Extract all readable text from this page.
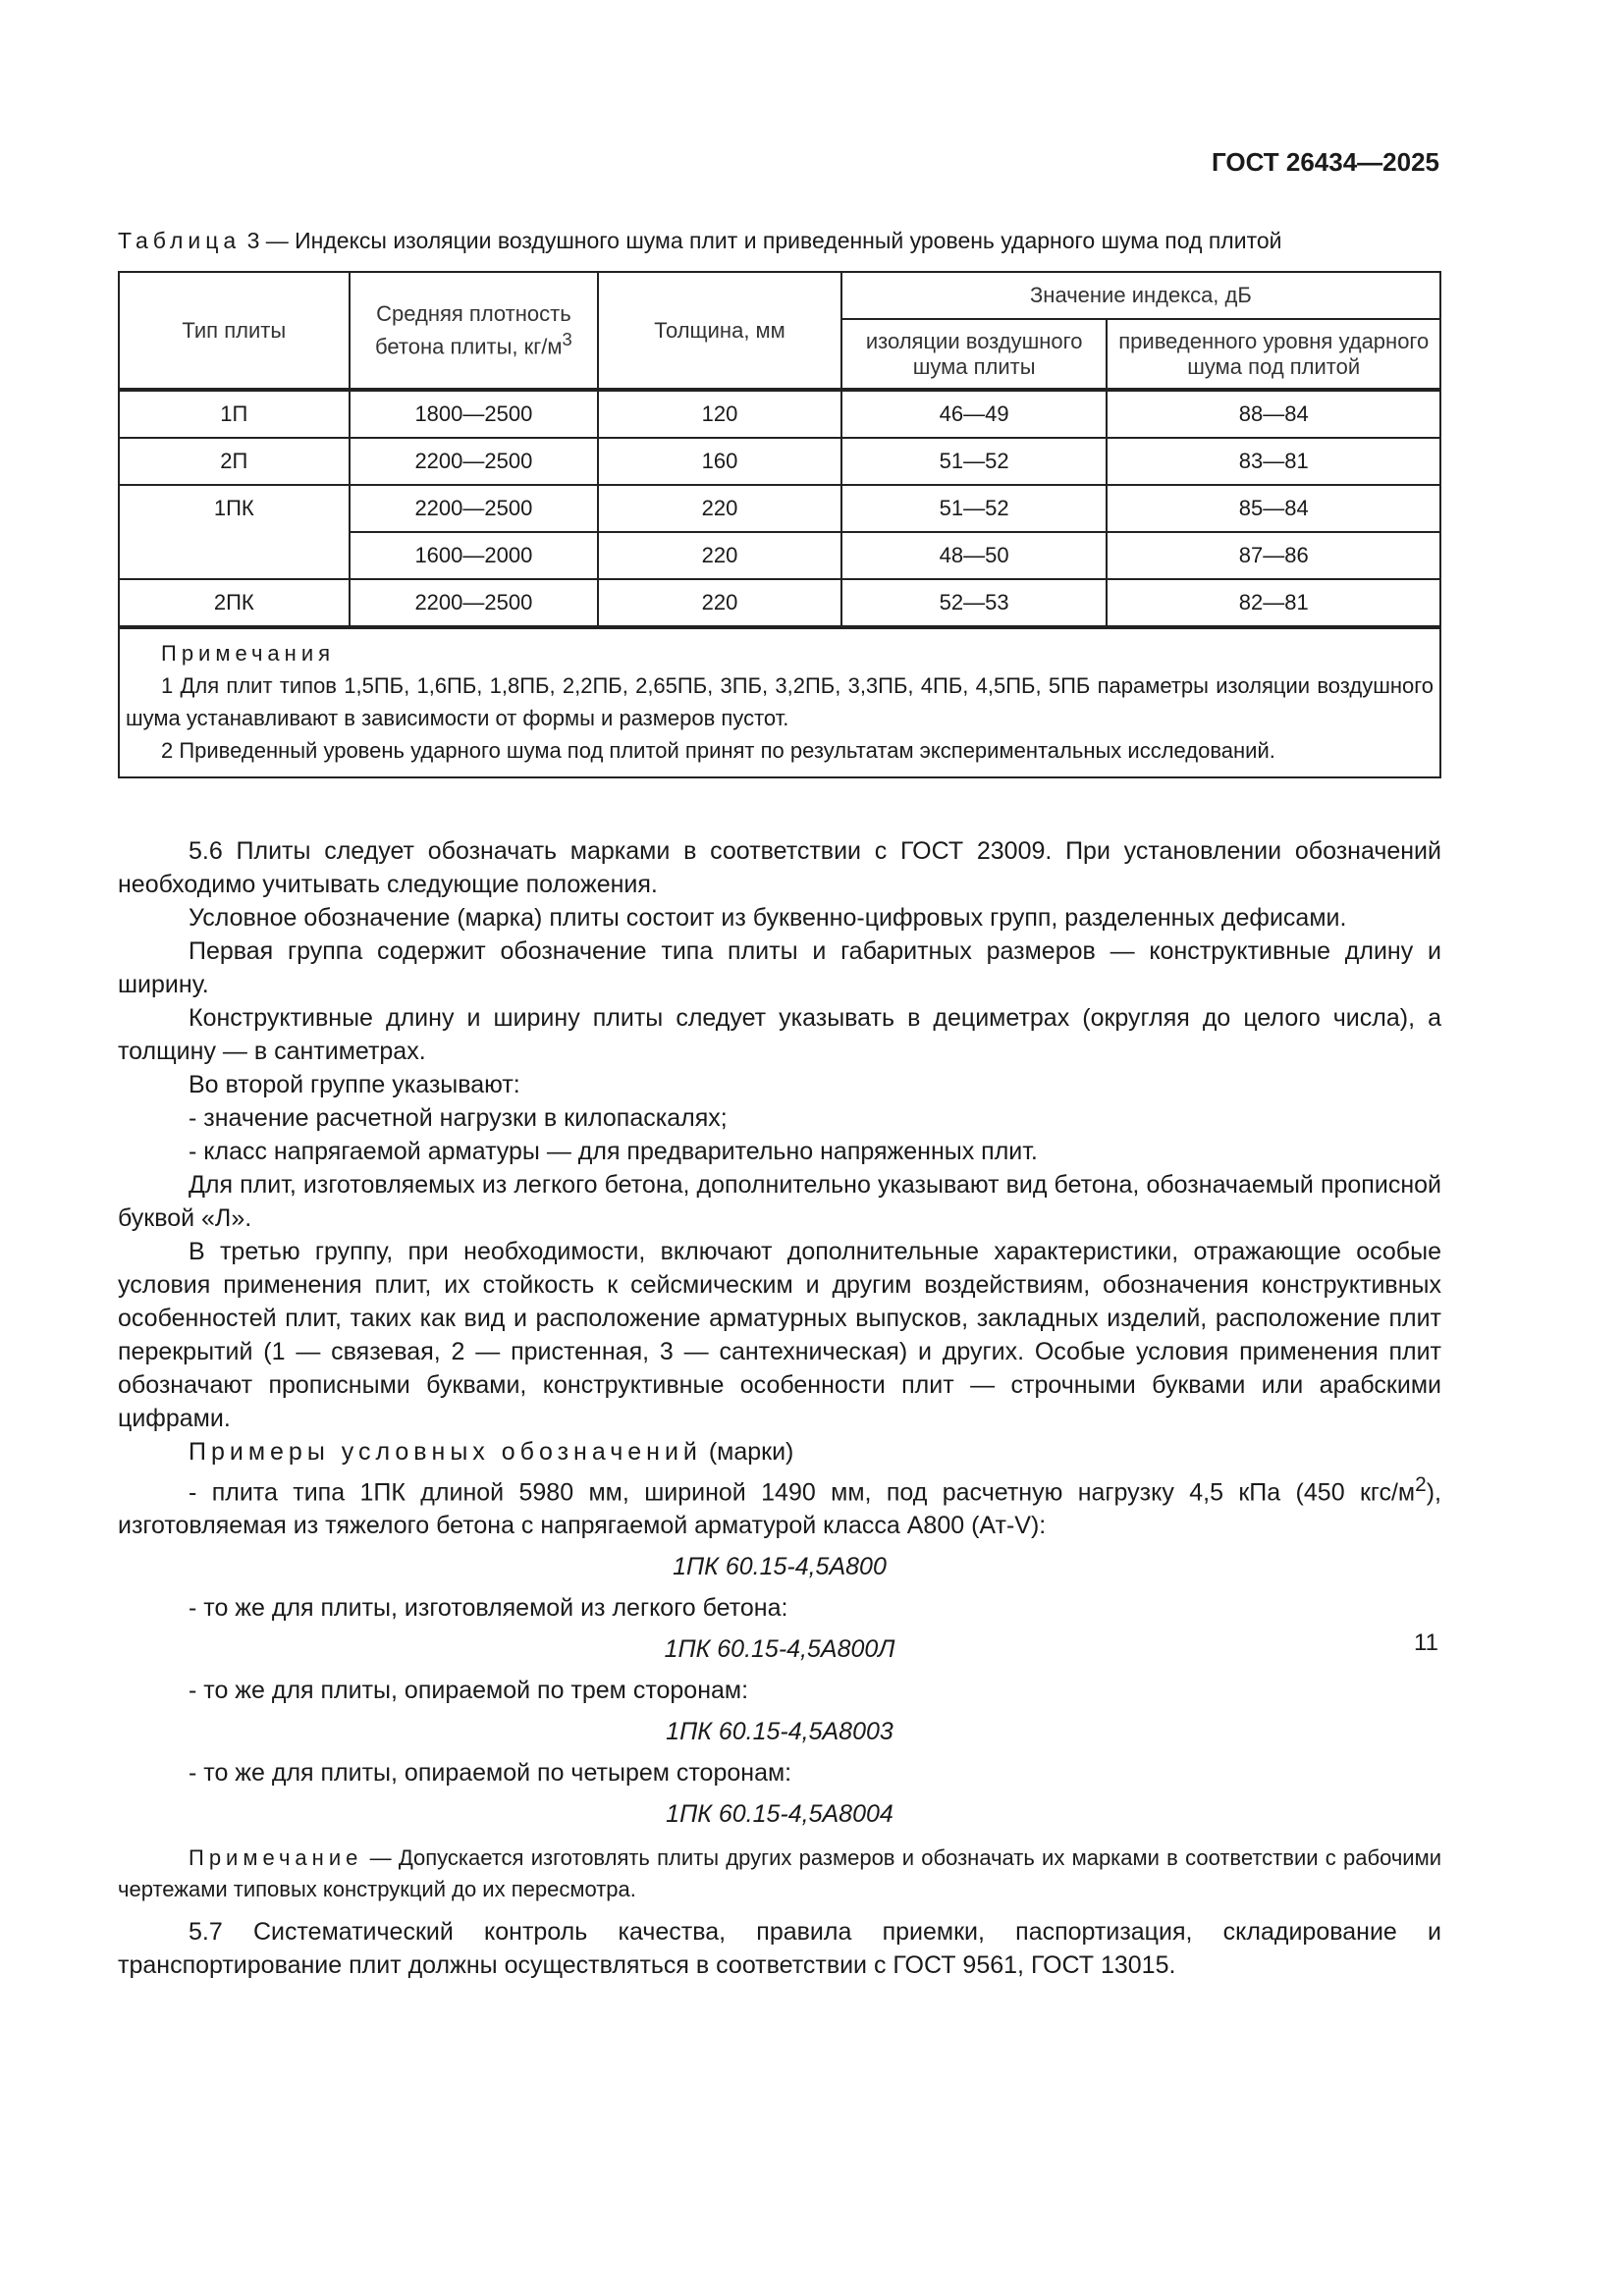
ГОСТ 26434—2025
Таблица 3 — Индексы изоляции воздушного шума плит и приведенный уровень ударного шума под плитой
Тип плиты	Средняя плотность бетона плиты, $кг/м^3$	Толщина, мм	Значение индекса, дБ	
			изоляции воздушного шума плиты	приведенного уровня ударного шума под плитой
1П	1800—2500	120	46—49	88—84
2П	2200—2500	160	51—52	83—81
1ПК	2200—2500	220	51—52	85—84
	1600—2000	220	48—50	87—86
2ПК	2200—2500	220	52—53	82—81

Примечания

1 Для плит типов 1,5ПБ, 1,6ПБ, 1,8ПБ, 2,2ПБ, 2,65ПБ, 3ПБ, 3,2ПБ, 3,3ПБ, 4ПБ, 4,5ПБ, 5ПБ параметры изоляции воздушного шума устанавливают в зависимости от формы и размеров пустот.

2 Приведенный уровень ударного шума под плитой принят по результатам экспериментальных исследований.				

5.6 Плиты следует обозначать марками в соответствии с ГОСТ 23009. При установлении обозначений необходимо учитывать следующие положения.

Условное обозначение (марка) плиты состоит из буквенно-цифровых групп, разделенных дефисами.

Первая группа содержит обозначение типа плиты и габаритных размеров — конструктивные длину и ширину.

Конструктивные длину и ширину плиты следует указывать в дециметрах (округляя до целого числа), а толщину — в сантиметрах.

Во второй группе указывают:

- значение расчетной нагрузки в килопаскалях;

- класс напрягаемой арматуры — для предварительно напряженных плит.

Для плит, изготовляемых из легкого бетона, дополнительно указывают вид бетона, обозначаемый прописной буквой «Л».

В третью группу, при необходимости, включают дополнительные характеристики, отражающие особые условия применения плит, их стойкость к сейсмическим и другим воздействиям, обозначения конструктивных особенностей плит, таких как вид и расположение арматурных выпусков, закладных изделий, расположение плит перекрытий (1 — связевая, 2 — пристенная, 3 — сантехническая) и других. Особые условия применения плит обозначают прописными буквами, конструктивные особенности плит — строчными буквами или арабскими цифрами.

Примеры условных обозначений (марки)

- плита типа 1ПК длиной 5980 мм, шириной 1490 мм, под расчетную нагрузку 4,5 кПа (450 кгс/$м^2$), изготовляемая из тяжелого бетона с напрягаемой арматурой класса А800 (Ат-V):

1ПК 60.15-4,5А800

- то же для плиты, изготовляемой из легкого бетона:

1ПК 60.15-4,5А800Л

- то же для плиты, опираемой по трем сторонам:

1ПК 60.15-4,5А8003

- то же для плиты, опираемой по четырем сторонам:

1ПК 60.15-4,5А8004

Примечание — Допускается изготовлять плиты других размеров и обозначать их марками в соответствии с рабочими чертежами типовых конструкций до их пересмотра.

5.7 Систематический контроль качества, правила приемки, паспортизация, складирование и транспортирование плит должны осуществляться в соответствии с ГОСТ 9561, ГОСТ 13015.

11
